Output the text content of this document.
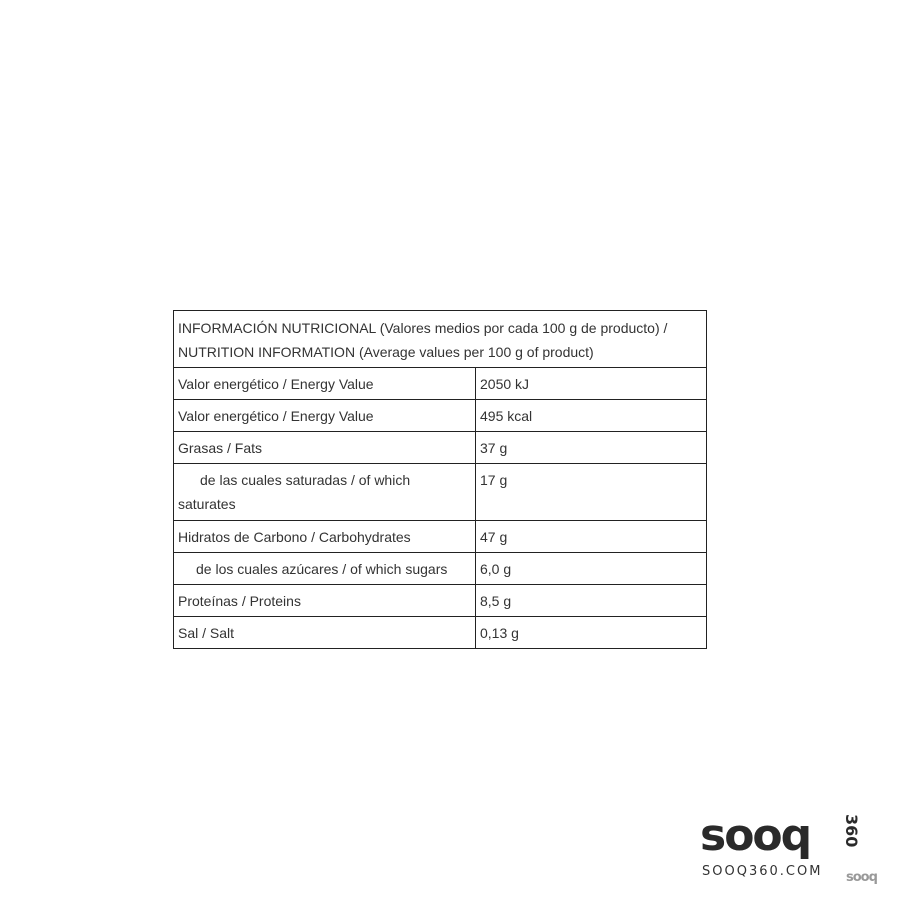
INFORMACIÓN NUTRICIONAL (Valores medios por cada 100 g de producto) / NUTRITION INFORMATION (Average values per 100 g of product)	
Valor energético / Energy Value	2050 kJ
Valor energético / Energy Value	495 kcal
Grasas / Fats	37 g
de las cuales saturadas / of which saturates	17 g
Hidratos de Carbono / Carbohydrates	47 g
de los cuales azúcares / of which sugars	6,0 g
Proteínas / Proteins	8,5 g
Sal / Salt	0,13 g
sooq 360
SOOQ360.COM sooq
